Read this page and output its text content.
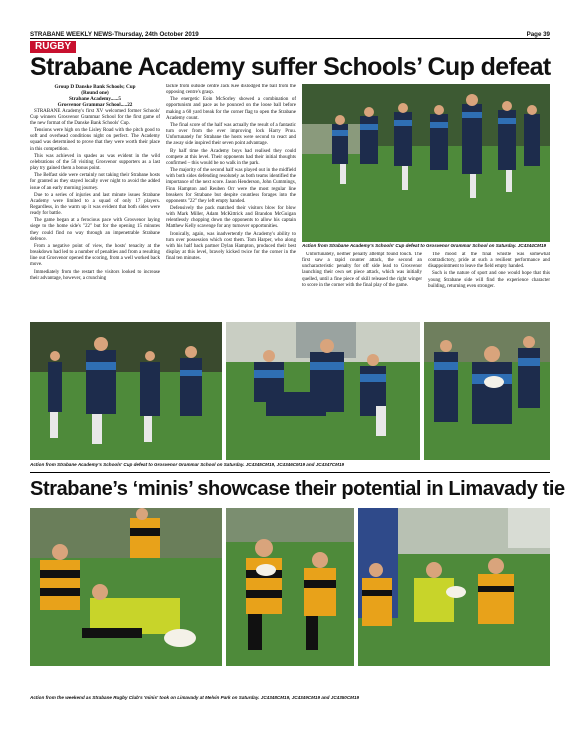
STRABANE WEEKLY NEWS-Thursday, 24th October 2019	Page 39
RUGBY
Strabane Academy suffer Schools’ Cup defeat

Group D Danske Bank Schools; Cup

(Round one)

Strabane Academy......5

Grosvenor Grammar School.....22

STRABANE Academy's first XV welcomed former Schools' Cup winners Grosvenor Grammar School for the first game of the new format of the Danske Bank Schools' Cup.

Tensions were high on the Lisley Road with the pitch good to soft and overhead conditions night on perfect. The Academy squad was determined to prove that they were worth their place in this competition.

This was achieved in spades as was evident in the wild celebrations of the 50 visiting Grosvenor supporters as a last play try gained them a bonus point.

The Belfast side were certainly not taking their Strabane hosts for granted as they stayed locally over night to avoid the added issue of an early morning journey.

Due to a series of injuries and last minute issues Strabane Academy were limited to a squad of only 17 players. Regardless, in the warm up it was evident that both sides were ready for battle.

The game began at a ferocious pace with Grosvenor laying siege to the home side's "22" but for the opening 15 minutes they could find no way through an impenetrable Strabane defence.

From a negative point of view, the hosts' tenacity at the breakdown had led to a number of penalties and from a resulting line out Grosvenor opened the scoring, from a well worked back move.

Immediately from the restart the visitors looked to increase their advantage, however, a crunching

tackle from outside centre Jack Kee dislodged the ball from the opposing centre's grasp.

The energetic Eoin McSorley showed a combination of opportunism and pace as he pounced on the loose ball before making a 60 yard break for the corner flag to open the Strabane Academy count.

The final score of the half was actually the result of a fantastic turn over from the ever improving lock Harry Pruu. Unfortunately for Strabane the hosts were second to react and the away side inspired their seven point advantage.

By half time the Academy boys had realised they could compete at this level. Their opponents had their initial thoughts confirmed – this would be no walk in the park.

The majority of the second half was played out in the midfield with both sides defending resolutely as both teams identified the importance of the next score. Jason Henderson, John Cummings, Finn Hampton and Reuben Orr were the most regular line breakers for Strabane but despite countless forages into the opponents "22" they left empty handed.

Defensively the pack matched their visitors blow for blow with Mark Miller, Adam McKittrick and Brandon McGuigan relentlessly chopping down the opponents to allow his captain Matthew Kelly scavenge for any turnover opportunities.

Ironically, again, was inadvertently the Academy's ability to turn over possession which cost them. Tom Harper, who along with his half back partner Dylan Hampton, produced their best display at this level, bravely kicked twice for the corner in the final ten minutes.

Action from Strabane Academy's Schools' Cup defeat to Grosvenor Grammar School on Saturday. JC4344CM19

Unfortunately, neither penalty attempt found touch. The first saw a rapid counter attack, the second an uncharacteristic penalty for off side lead to Grosvenor launching their own set piece attack, which was initially quelled, until a fine piece of skill released the right winger to score in the corner with the final play of the game.

The mood at the final whistle was somewhat contradictory, pride at such a resilient performance and disappointment to leave the field empty handed.

Such is the nature of sport and one would hope that this young Strabane side will find the experience character building, returning even stronger.

Action from Strabane Academy's Schools' Cup defeat to Grosvenor Grammar School on Saturday. JC4345CM19, JC4346CM19 and JC4347CM19
Strabane’s ‘minis’ showcase their potential in Limavady tie
Action from the weekend as Strabane Rugby Club's 'minis' took on Limavady at Melvin Park on Saturday. JC4348CM19, JC4349CM19 and JC4350CM19
